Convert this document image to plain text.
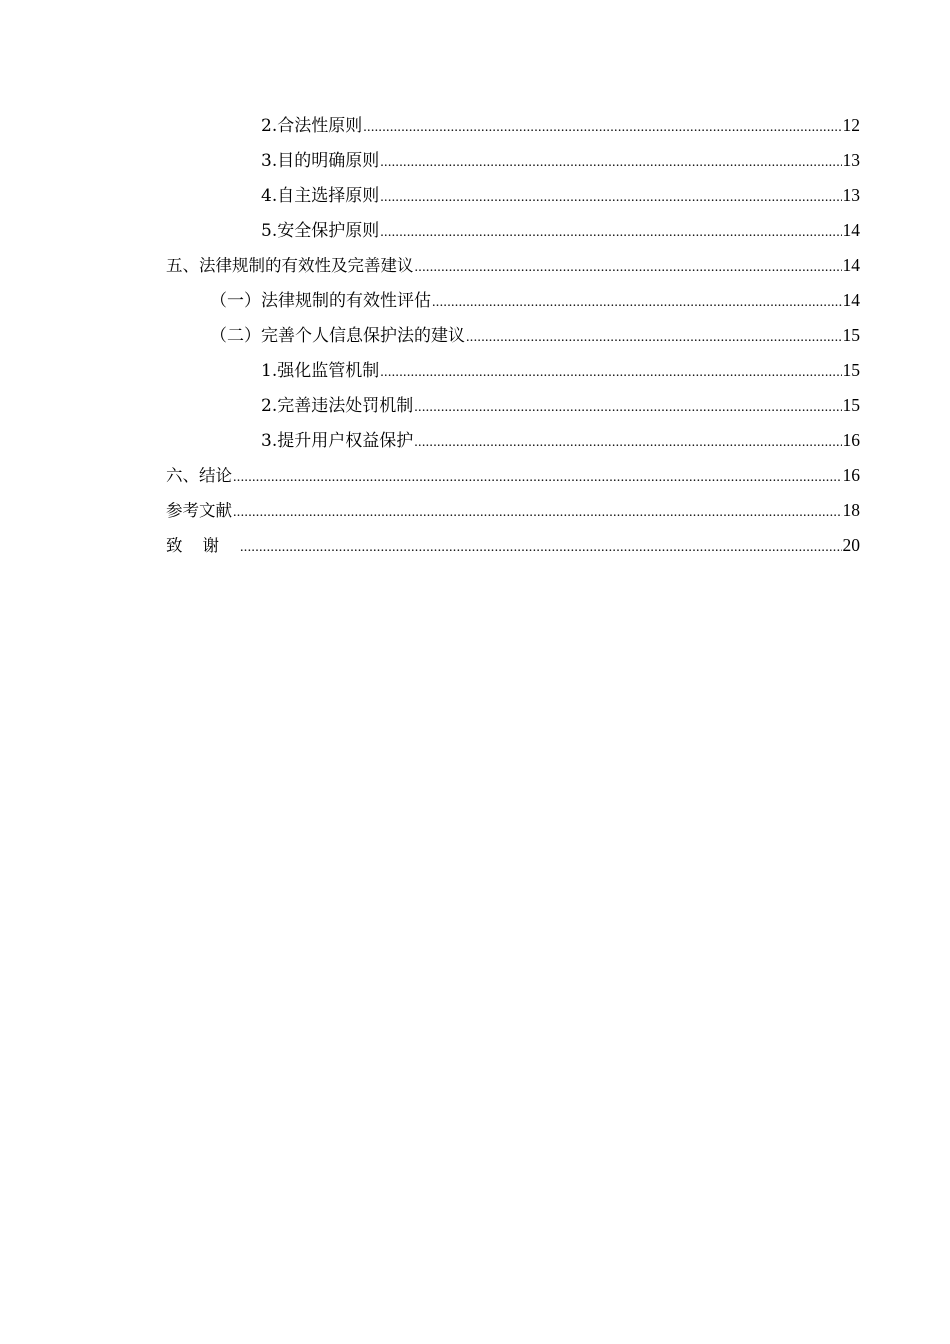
2.合法性原则 .....	12
3.目的明确原则 .....	13
4.自主选择原则 .....	13
5.安全保护原则 .....	14
五、法律规制的有效性及完善建议 .....	14
（一）法律规制的有效性评估 .....	14
（二）完善个人信息保护法的建议 .....	15
1.强化监管机制 .....	15
2.完善违法处罚机制 .....	15
3.提升用户权益保护 .....	16
六、结论 .....	16
参考文献 .....	18
致谢 .....	20
